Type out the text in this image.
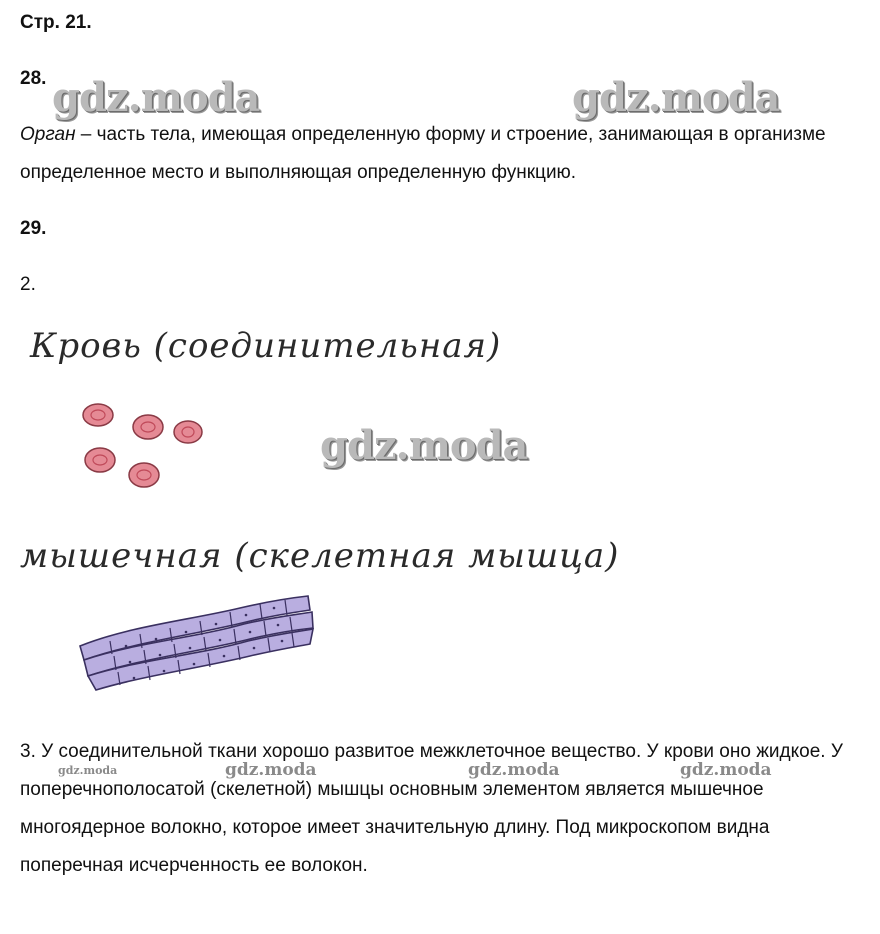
Стр. 21.
28. gdz.moda	gdz.moda
Орган – часть тела, имеющая определенную форму и строение, занимающая в организме определенное место и выполняющая определенную функцию.
29.
2.
Кровь (соединительная)
gdz.moda
мышечная (скелетная мышца)
3. У соединительной ткани хорошо развитое межклеточное вещество. У крови оно жидкое. У поперечнополосатой (скелетной) мышцы основным элементом является мышечное многоядерное волокно, которое имеет значительную длину. Под микроскопом видна поперечная исчерченность ее волокон.
gdz.moda	gdz.moda	gdz.moda	gdz.moda
